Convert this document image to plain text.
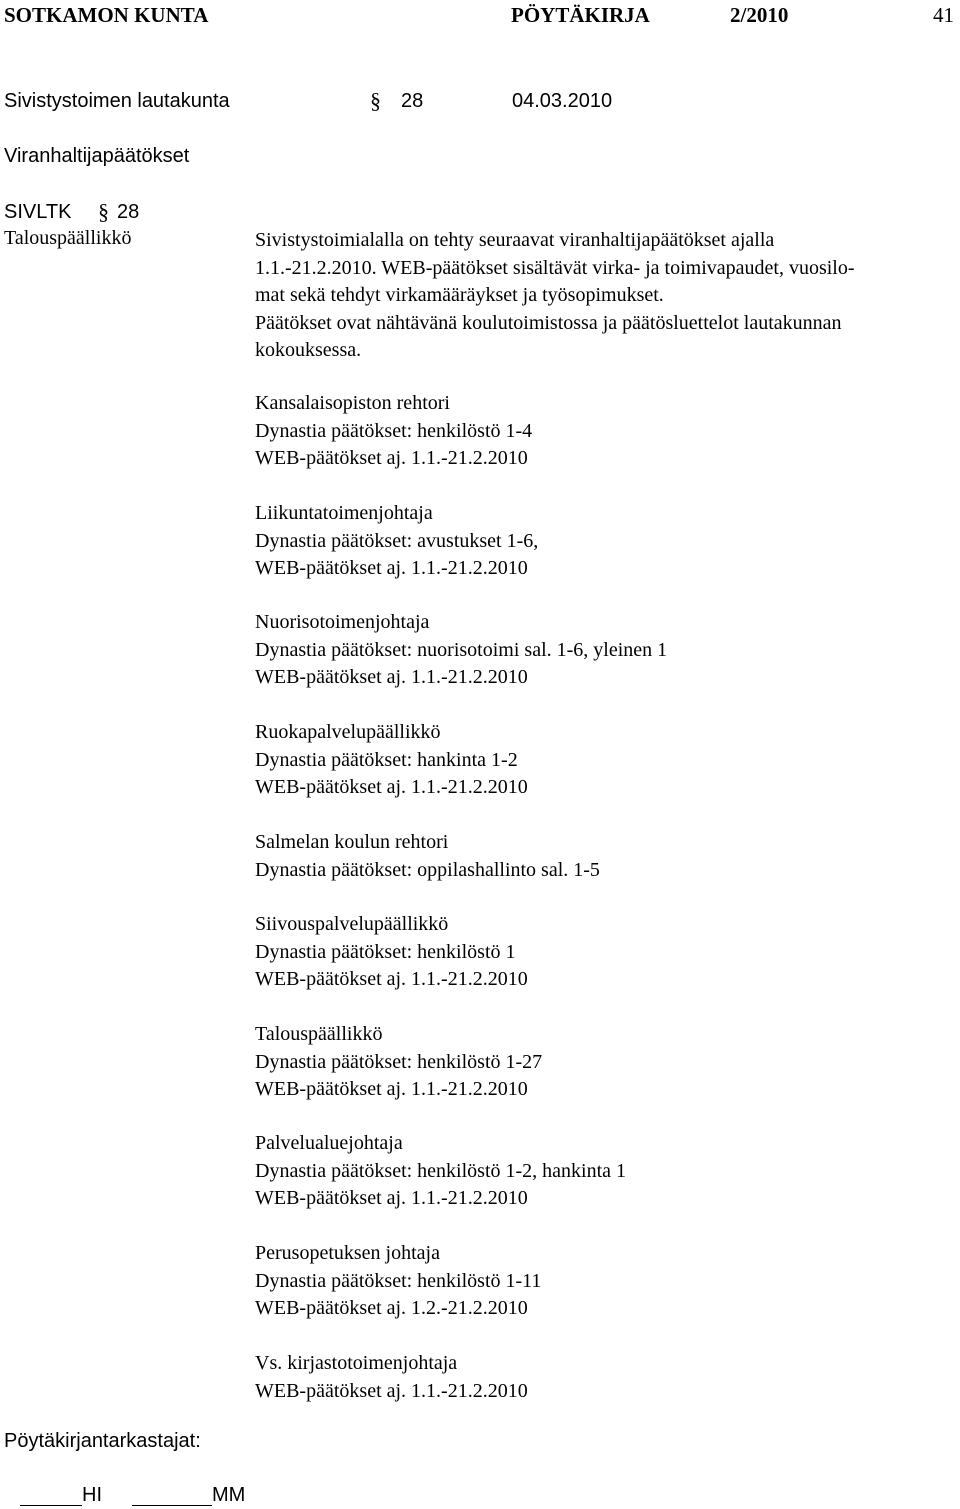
SOTKAMON KUNTA	PÖYTÄKIRJA	2/2010	41
Sivistystoimen lautakunta	§ 28	04.03.2010
Viranhaltijapäätökset
SIVLTK § 28
Talouspäällikkö	Sivistystoimialalla on tehty seuraavat viranhaltijapäätökset ajalla
1.1.-21.2.2010. WEB-päätökset sisältävät virka- ja toimivapaudet, vuosilo-
mat sekä tehdyt virkamääräykset ja työsopimukset.
Päätökset ovat nähtävänä koulutoimistossa ja päätösluettelot lautakunnan
kokouksessa.
Kansalaisopiston rehtori
Dynastia päätökset: henkilöstö 1-4
WEB-päätökset aj. 1.1.-21.2.2010
Liikuntatoimenjohtaja
Dynastia päätökset: avustukset 1-6,
WEB-päätökset aj. 1.1.-21.2.2010
Nuorisotoimenjohtaja
Dynastia päätökset: nuorisotoimi sal. 1-6, yleinen 1
WEB-päätökset aj. 1.1.-21.2.2010
Ruokapalvelupäällikkö
Dynastia päätökset: hankinta 1-2
WEB-päätökset aj. 1.1.-21.2.2010
Salmelan koulun rehtori
Dynastia päätökset: oppilashallinto sal. 1-5
Siivouspalvelupäällikkö
Dynastia päätökset: henkilöstö 1
WEB-päätökset aj. 1.1.-21.2.2010
Talouspäällikkö
Dynastia päätökset: henkilöstö 1-27
WEB-päätökset aj. 1.1.-21.2.2010
Palvelualuejohtaja
Dynastia päätökset: henkilöstö 1-2, hankinta 1
WEB-päätökset aj. 1.1.-21.2.2010
Perusopetuksen johtaja
Dynastia päätökset: henkilöstö 1-11
WEB-päätökset aj. 1.2.-21.2.2010
Vs. kirjastotoimenjohtaja
WEB-päätökset aj. 1.1.-21.2.2010
Pöytäkirjantarkastajat:
HI	MM
